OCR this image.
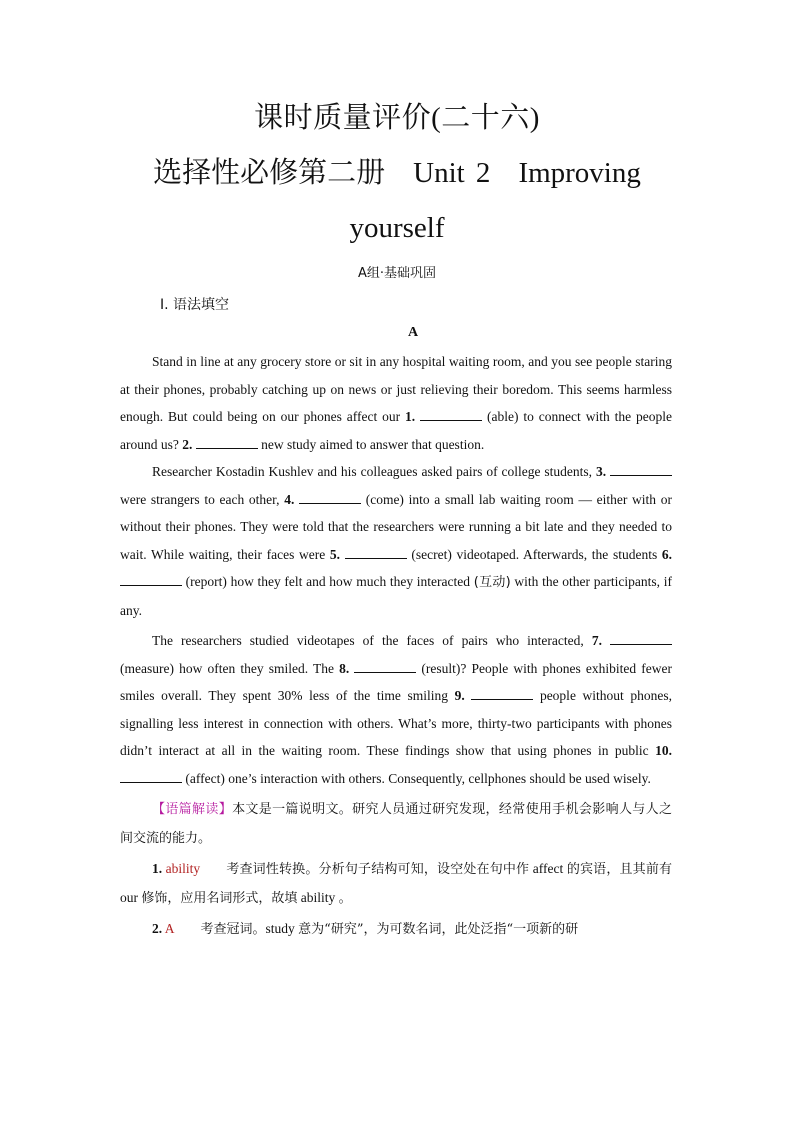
课时质量评价(二十六)
选择性必修第二册 Unit 2 Improving
yourself
A组·基础巩固
Ⅰ. 语法填空
A

Stand in line at any grocery store or sit in any hospital waiting room, and you see people staring at their phones, probably catching up on news or just relieving their boredom. This seems harmless enough. But could being on our phones affect our 1.	(able) to connect with the people around us? 2.	new study aimed to answer that question.

Researcher Kostadin Kushlev and his colleagues asked pairs of college students, 3.  were strangers to each other, 4.	(come) into a small lab waiting room — either with or without their phones. They were told that the researchers were running a bit late and they needed to wait. While waiting, their faces were 5.	(secret) videotaped. Afterwards, the students 6.  (report) how they felt and how much they interacted (互动) with the other participants, if any.

The researchers studied videotapes of the faces of pairs who interacted, 7.  (measure) how often they smiled. The 8.	(result)? People with phones exhibited fewer smiles overall. They spent 30% less of the time smiling 9.	people without phones, signalling less interest in connection with others. What’s more, thirty-two participants with phones didn’t interact at all in the waiting room. These findings show that using phones in public 10.  (affect) one’s interaction with others. Consequently, cellphones should be used wisely.

【语篇解读】本文是一篇说明文。研究人员通过研究发现，经常使用手机会影响人与人之间交流的能力。

1. ability 考查词性转换。分析句子结构可知，设空处在句中作 affect 的宾语，且其前有 our 修饰，应用名词形式，故填 ability 。

2. A 考查冠词。study 意为“研究”，为可数名词，此处泛指“一项新的研
